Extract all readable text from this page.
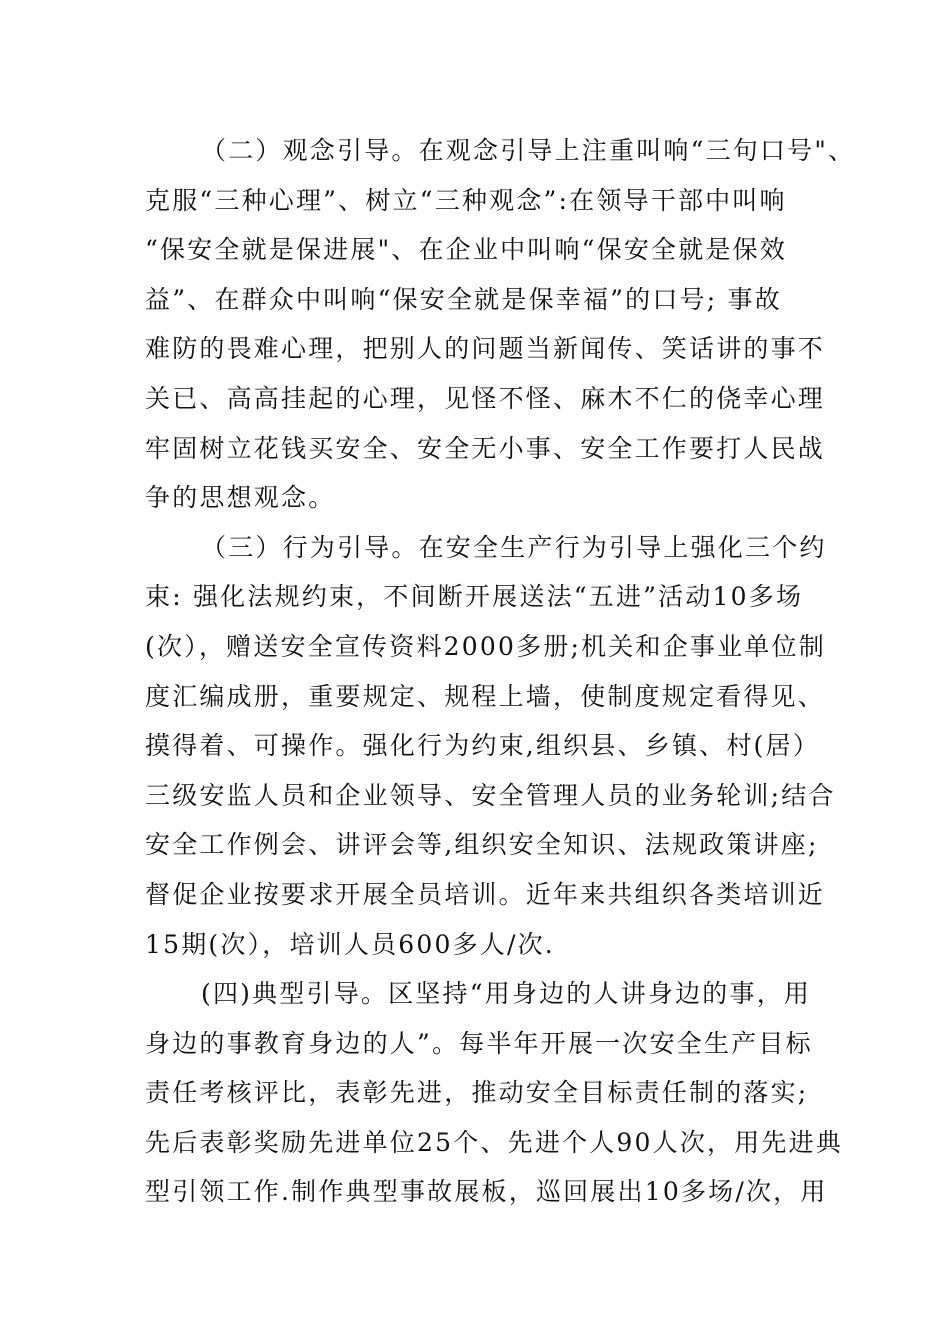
（二）观念引导。在观念引导上注重叫响“三句口号"、
克服“三种心理”、树立“三种观念”:在领导干部中叫响
“保安全就是保进展"、在企业中叫响“保安全就是保效
益”、在群众中叫响“保安全就是保幸福”的口号; 事故
难防的畏难心理，把别人的问题当新闻传、笑话讲的事不
关已、高高挂起的心理，见怪不怪、麻木不仁的侥幸心理
牢固树立花钱买安全、安全无小事、安全工作要打人民战
争的思想观念。
（三）行为引导。在安全生产行为引导上强化三个约
束: 强化法规约束，不间断开展送法“五进”活动10多场
(次），赠送安全宣传资料2000多册;机关和企事业单位制
度汇编成册，重要规定、规程上墙，使制度规定看得见、
摸得着、可操作。强化行为约束,组织县、乡镇、村(居）
三级安监人员和企业领导、安全管理人员的业务轮训;结合
安全工作例会、讲评会等,组织安全知识、法规政策讲座;
督促企业按要求开展全员培训。近年来共组织各类培训近
15期(次），培训人员600多人/次.
(四)典型引导。区坚持“用身边的人讲身边的事，用
身边的事教育身边的人”。每半年开展一次安全生产目标
责任考核评比，表彰先进，推动安全目标责任制的落实;
先后表彰奖励先进单位25个、先进个人90人次，用先进典
型引领工作.制作典型事故展板，巡回展出10多场/次，用
